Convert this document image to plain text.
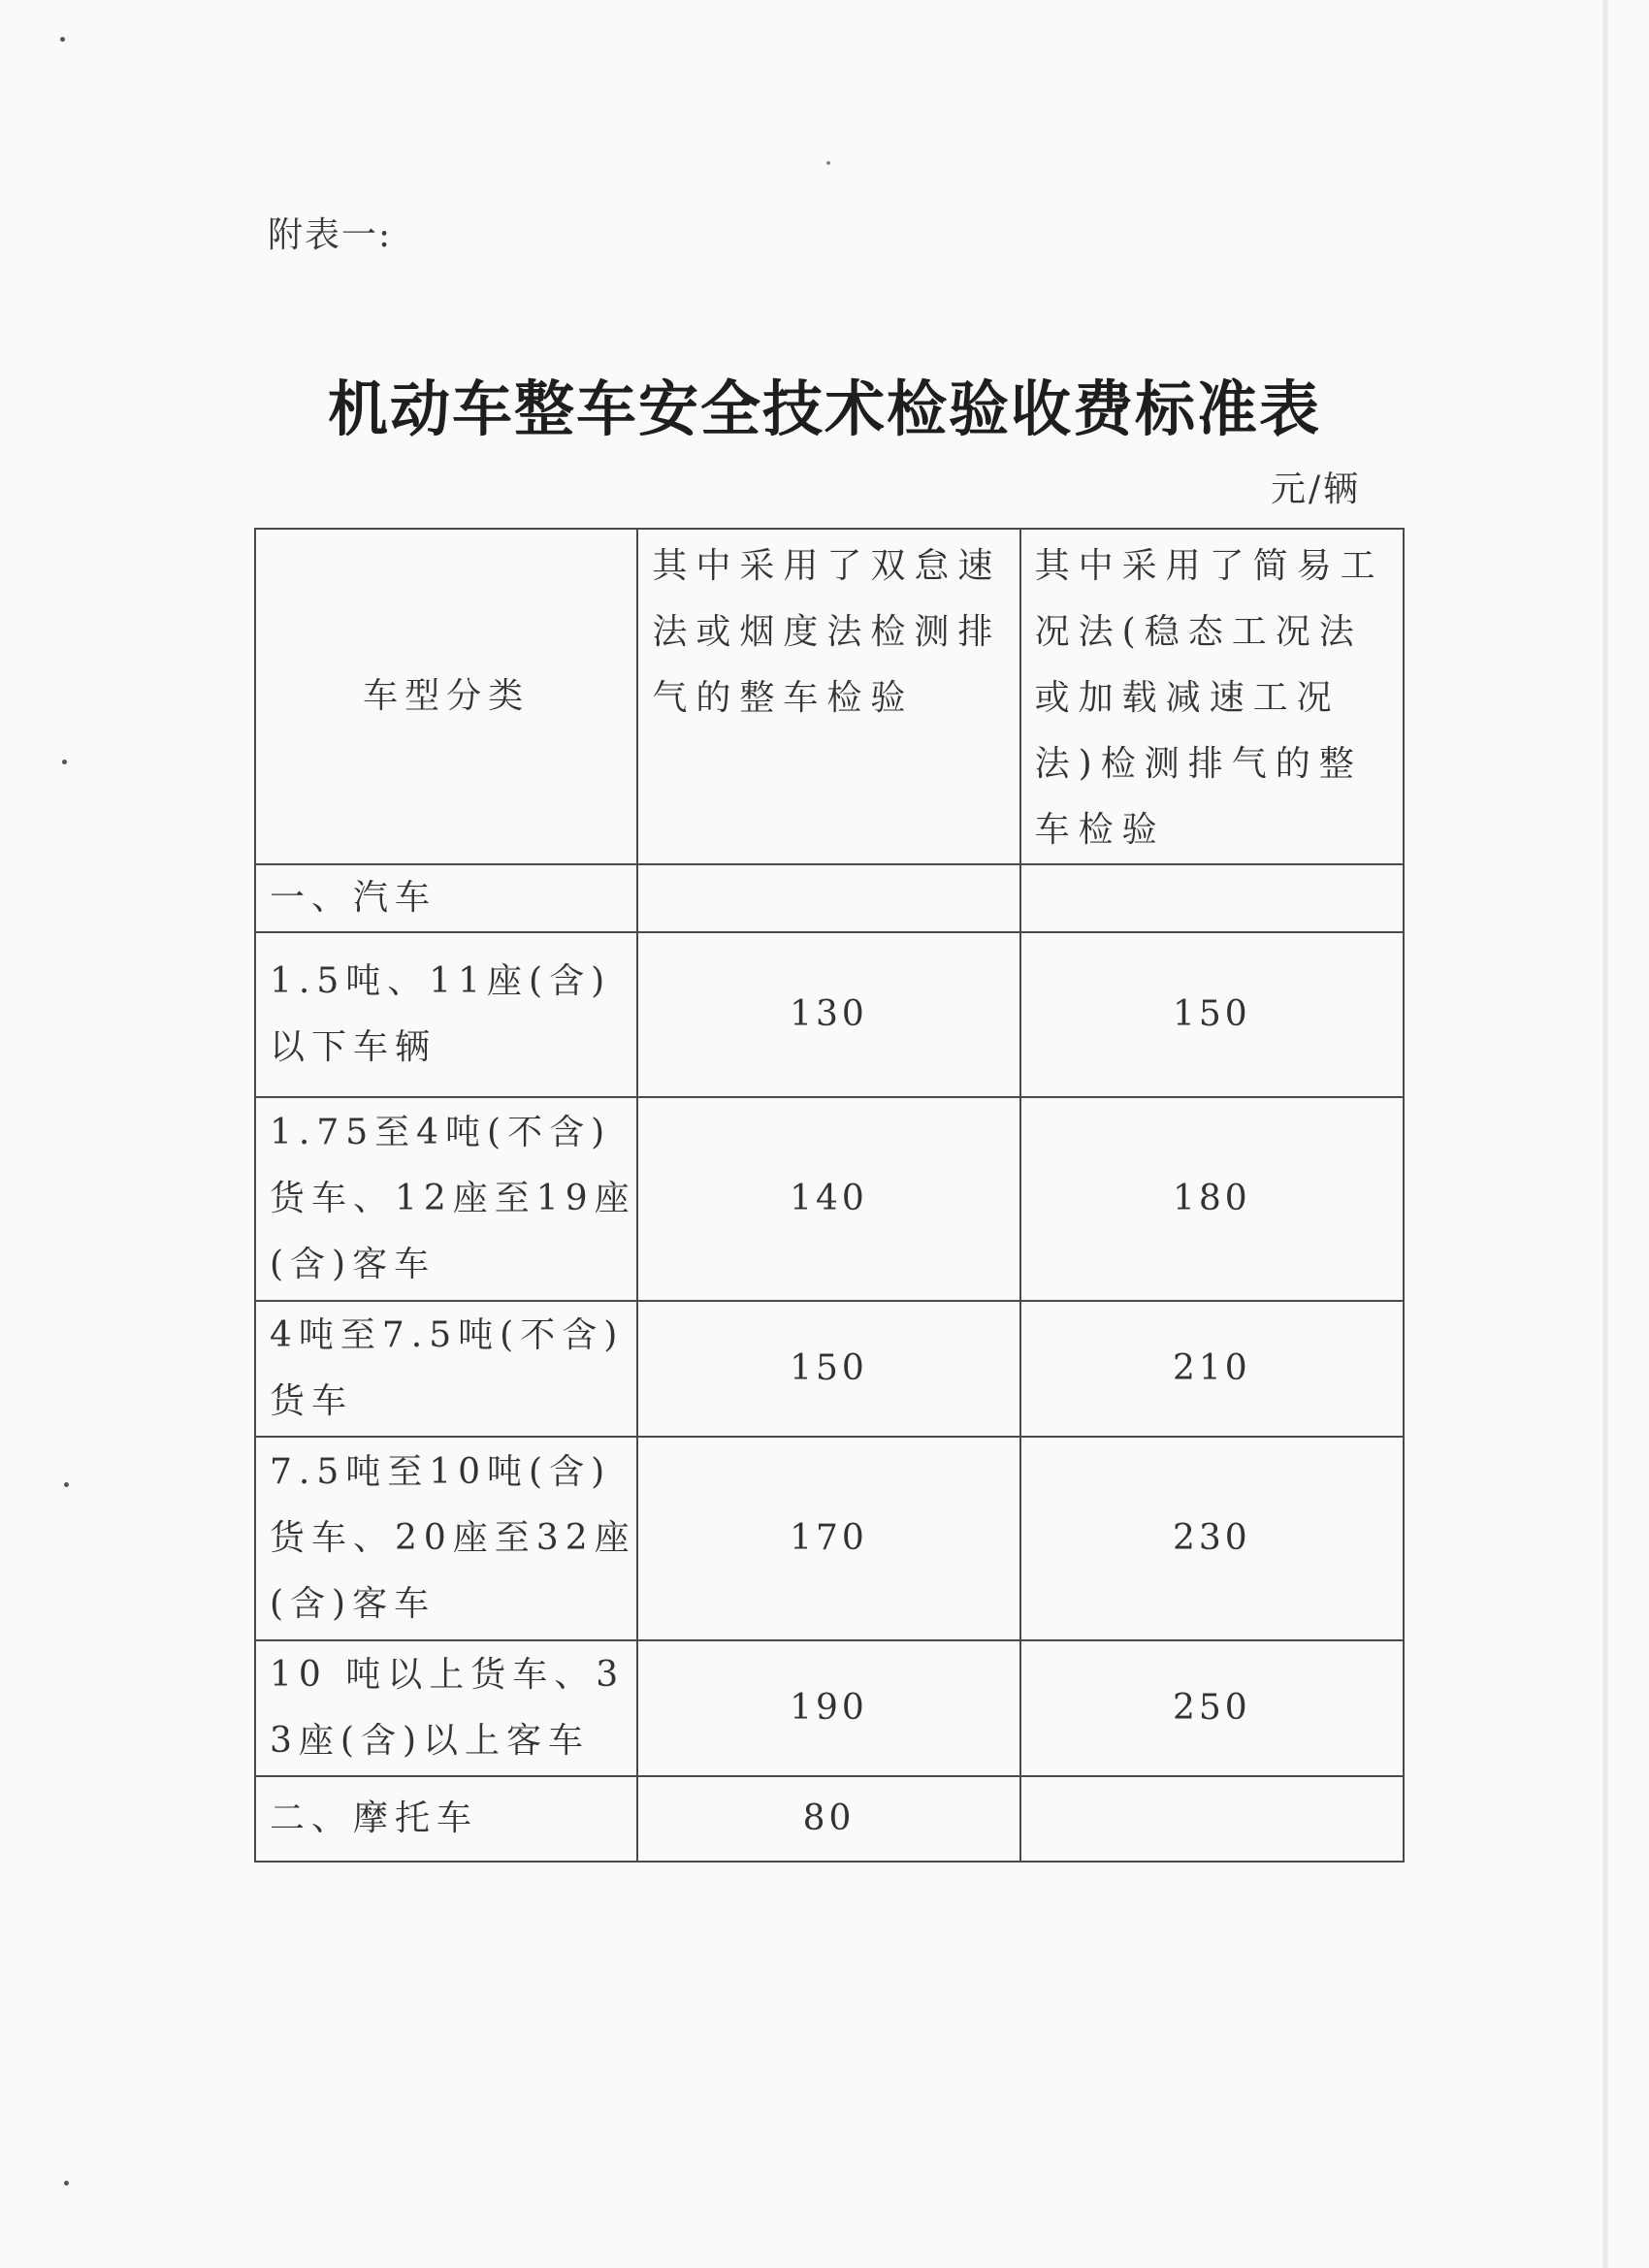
附表一:
机动车整车安全技术检验收费标准表
元/辆
车型分类	其中采用了双怠速法或烟度法检测排气的整车检验	其中采用了简易工况法(稳态工况法或加载减速工况法)检测排气的整车检验
一、汽车		
1.5吨、11座(含)以下车辆	130	150
1.75至4吨(不含)货车、12座至19座(含)客车	140	180
4吨至7.5吨(不含)货车	150	210
7.5吨至10吨(含)货车、20座至32座(含)客车	170	230
10 吨以上货车、33座(含)以上客车	190	250
二、摩托车	80	
